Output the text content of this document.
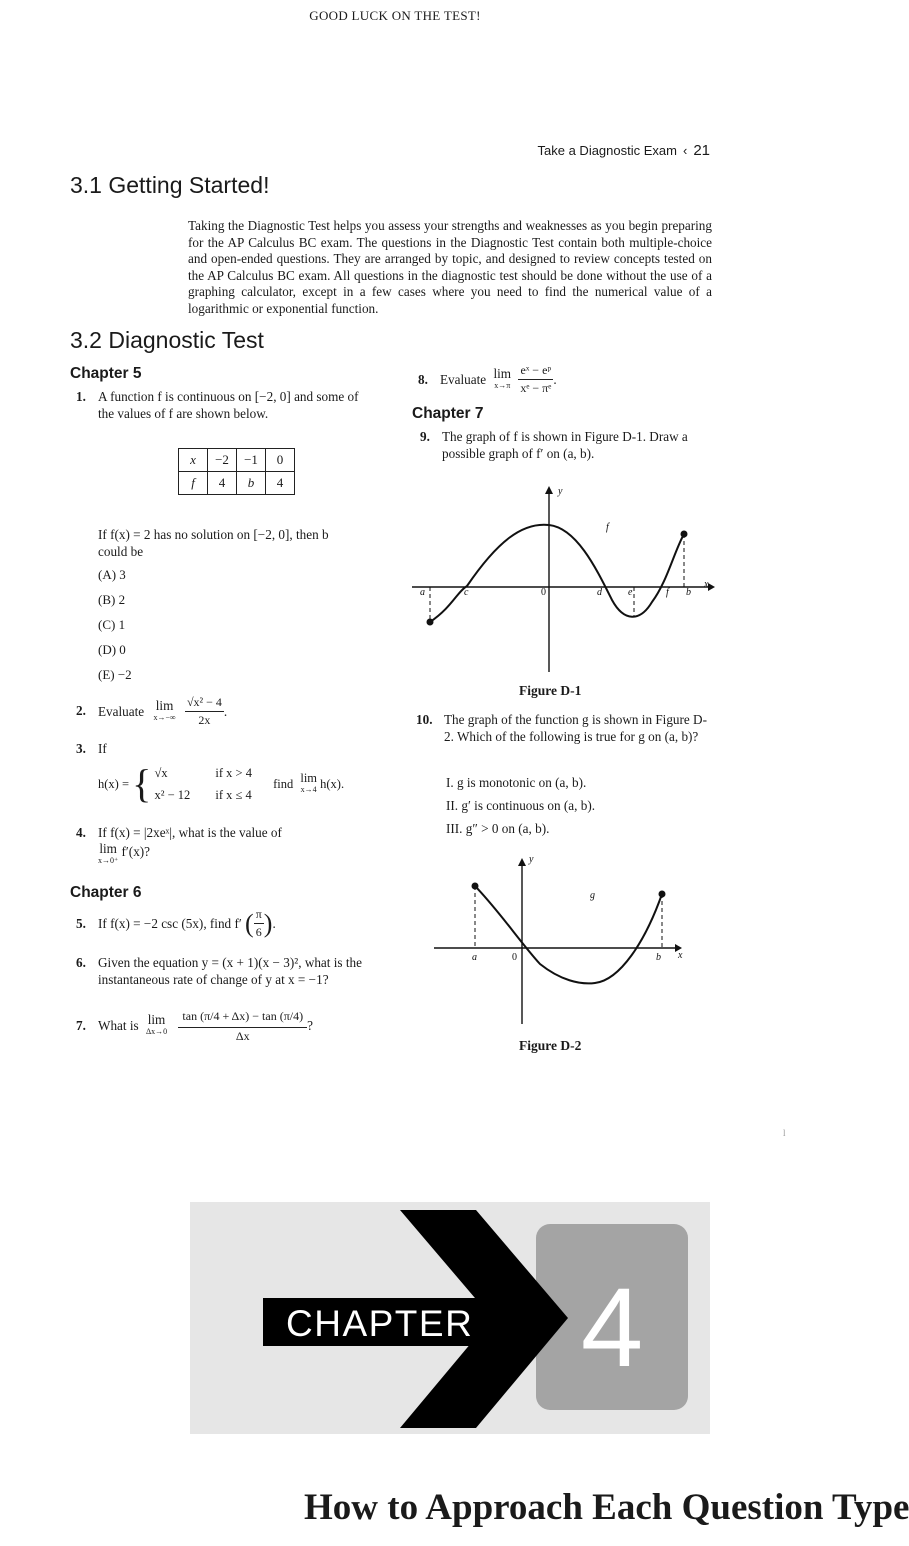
GOOD LUCK ON THE TEST!
Take a Diagnostic Exam ‹ 21
3.1 Getting Started!
Taking the Diagnostic Test helps you assess your strengths and weaknesses as you begin preparing for the AP Calculus BC exam. The questions in the Diagnostic Test contain both multiple-choice and open-ended questions. They are arranged by topic, and designed to review concepts tested on the AP Calculus BC exam. All questions in the diagnostic test should be done without the use of a graphing calculator, except in a few cases where you need to find the numerical value of a logarithmic or exponential function.
3.2 Diagnostic Test
Chapter 5
1. A function f is continuous on [−2, 0] and some of the values of f are shown below.
x	−2	−1	0
f	4	b	4
If f(x) = 2 has no solution on [−2, 0], then b could be
(A) 3
(B) 2
(C) 1
(D) 0
(E) −2
2. Evaluate lim
x→−∞
$\frac{\text{√x² − 4}}{2x}$ .
3. If
h(x) = { √x
x² − 12

if x > 4
if x ≤ 4
find lim
x→4 h(x).
4. If f(x) = |2xeˣ|, what is the value of
lim
x→0⁺
f′(x)?
Chapter 6
5. If f(x) = −2 csc (5x), find f′ ( $\frac{\pi}{6}$ ).
6. Given the equation y = (x + 1)(x − 3)², what is the instantaneous rate of change of y at x = −1?
7. What is lim
Δx→0
$\frac{\tan (\pi/4 + \Delta x) - \tan (\pi/4)}{\Delta x}$ ?
8. Evaluate lim
x→π
$\frac{\text{eˣ − eᵖ}}{\text{xᵉ − πᵉ}}$ .
Chapter 7
9. The graph of f is shown in Figure D-1. Draw a possible graph of f′ on (a, b).
y
f
x
a	c	0	d	e	f b
Figure D-1
10. The graph of the function g is shown in Figure D-2. Which of the following is true for g on (a, b)?
I. g is monotonic on (a, b).
II. g′ is continuous on (a, b).
III. g″ > 0 on (a, b).
y
g
x
a	0	b
Figure D-2
l
CHAPTER 4
How to Approach Each Question Type
